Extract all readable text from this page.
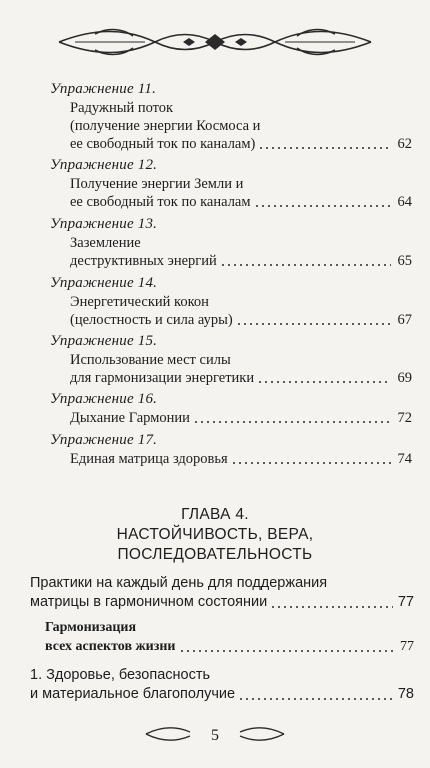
Упражнение 11.
Радужный поток
(получение энергии Космоса и
ее свободный ток по каналам)	62
Упражнение 12.
Получение энергии Земли и
ее свободный ток по каналам	64
Упражнение 13.
Заземление
деструктивных энергий	65
Упражнение 14.
Энергетический кокон
(целостность и сила ауры)	67
Упражнение 15.
Использование мест силы
для гармонизации энергетики	69
Упражнение 16.
Дыхание Гармонии	72
Упражнение 17.
Единая матрица здоровья	74
ГЛАВА 4.
НАСТОЙЧИВОСТЬ, ВЕРА,
ПОСЛЕДОВАТЕЛЬНОСТЬ
Практики на каждый день для поддержания
матрицы в гармоничном состоянии	77
Гармонизация
всех аспектов жизни	77
1. Здоровье, безопасность
и материальное благополучие	78
5
